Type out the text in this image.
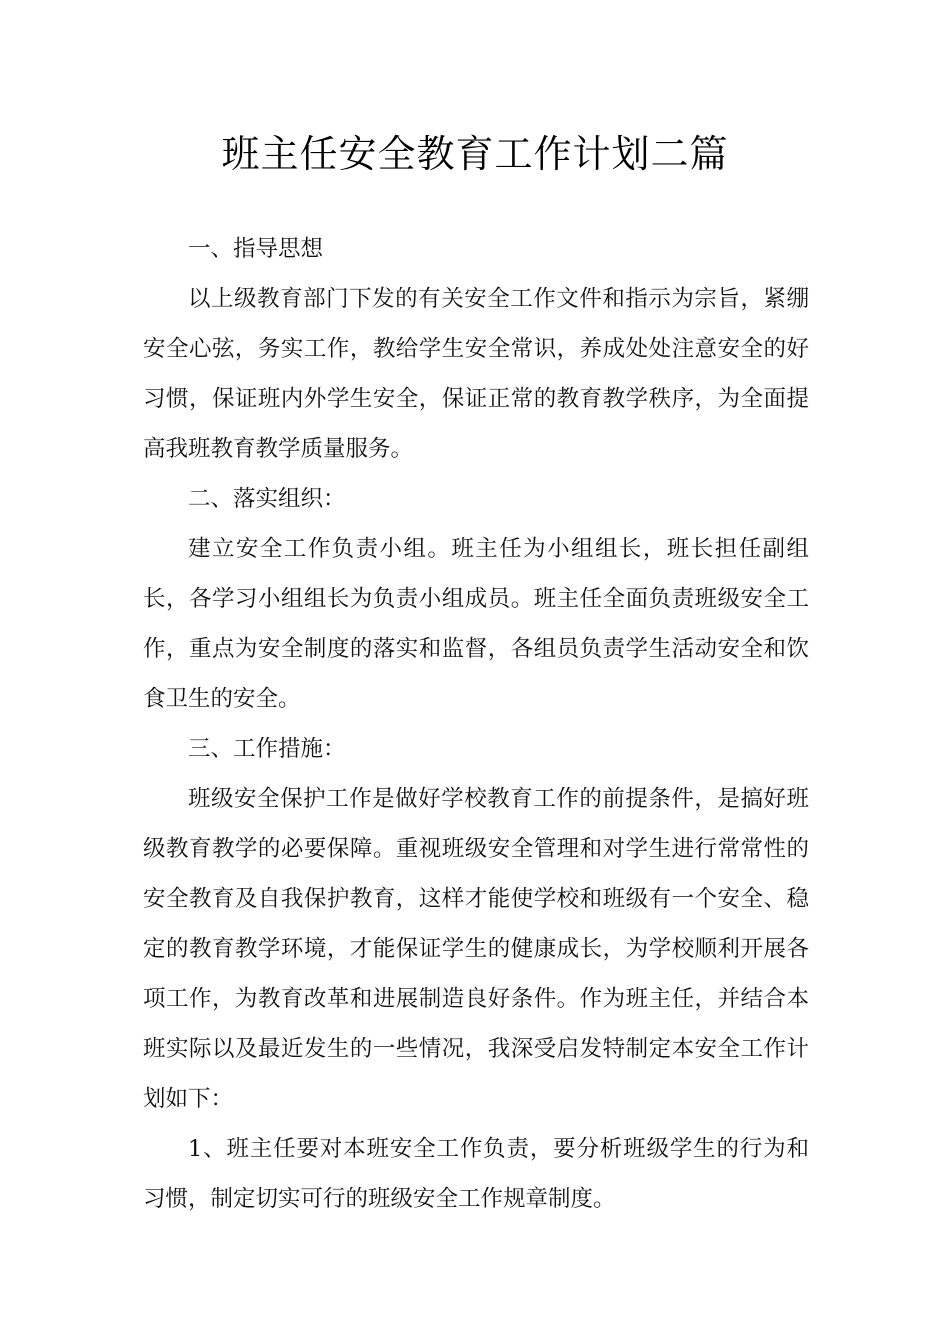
班主任安全教育工作计划二篇

一、指导思想

以上级教育部门下发的有关安全工作文件和指示为宗旨，紧绷安全心弦，务实工作，教给学生安全常识，养成处处注意安全的好习惯，保证班内外学生安全，保证正常的教育教学秩序，为全面提高我班教育教学质量服务。

二、落实组织：

建立安全工作负责小组。班主任为小组组长，班长担任副组长，各学习小组组长为负责小组成员。班主任全面负责班级安全工作，重点为安全制度的落实和监督，各组员负责学生活动安全和饮食卫生的安全。

三、工作措施：

班级安全保护工作是做好学校教育工作的前提条件，是搞好班级教育教学的必要保障。重视班级安全管理和对学生进行常常性的安全教育及自我保护教育，这样才能使学校和班级有一个安全、稳定的教育教学环境，才能保证学生的健康成长，为学校顺利开展各项工作，为教育改革和进展制造良好条件。作为班主任，并结合本班实际以及最近发生的一些情况，我深受启发特制定本安全工作计划如下：

1、班主任要对本班安全工作负责，要分析班级学生的行为和习惯，制定切实可行的班级安全工作规章制度。
